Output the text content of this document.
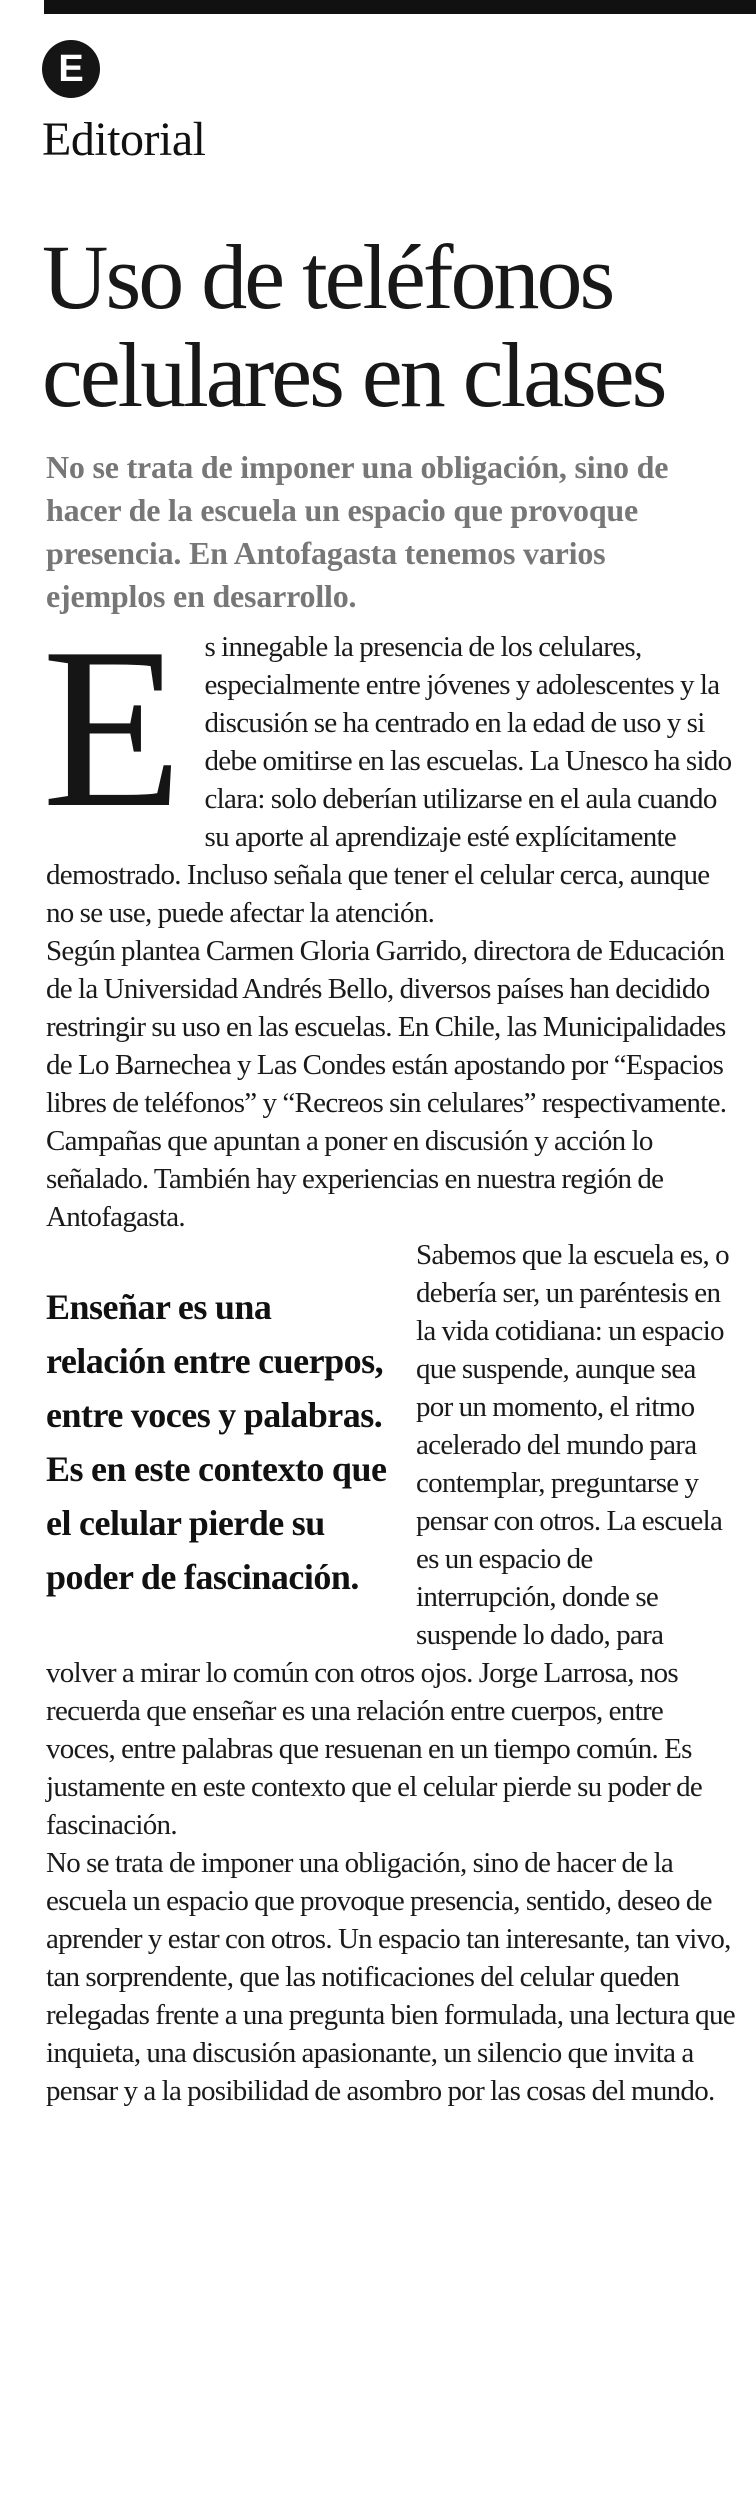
E
Editorial
Uso de teléfonos
celulares en clases

No se trata de imponer una obligación, sino de hacer de la escuela un espacio que provoque presencia. En Antofagasta tenemos varios ejemplos en desarrollo.

E s innegable la presencia de los celulares, especialmente entre jóvenes y adolescentes y la discusión se ha centrado en la edad de uso y si debe omitirse en las escuelas. La Unesco ha sido clara: solo deberían utilizarse en el aula cuando su aporte al aprendizaje esté explícitamente demostrado. Incluso señala que tener el celular cerca, aunque no se use, puede afectar la atención.

Según plantea Carmen Gloria Garrido, directora de Educación de la Universidad Andrés Bello, diversos países han decidido restringir su uso en las escuelas. En Chile, las Municipalidades de Lo Barnechea y Las Condes están apostando por “Espacios libres de teléfonos” y “Recreos sin celulares” respectivamente. Campañas que apuntan a poner en discusión y acción lo señalado. También hay experiencias en nuestra región de Antofagasta.

Enseñar es una relación entre cuerpos, entre voces y palabras. Es en este contexto que el celular pierde su poder de fascinación.

Sabemos que la escuela es, o debería ser, un paréntesis en la vida cotidiana: un espacio que suspende, aunque sea por un momento, el ritmo acelerado del mundo para contemplar, preguntarse y pensar con otros. La escuela es un espacio de interrupción, donde se suspende lo dado, para volver a mirar lo común con otros ojos. Jorge Larrosa, nos recuerda que enseñar es una relación entre cuerpos, entre voces, entre palabras que resuenan en un tiempo común. Es justamente en este contexto que el celular pierde su poder de fascinación.

No se trata de imponer una obligación, sino de hacer de la escuela un espacio que provoque presencia, sentido, deseo de aprender y estar con otros. Un espacio tan interesante, tan vivo, tan sorprendente, que las notificaciones del celular queden relegadas frente a una pregunta bien formulada, una lectura que inquieta, una discusión apasionante, un silencio que invita a pensar y a la posibilidad de asombro por las cosas del mundo.
